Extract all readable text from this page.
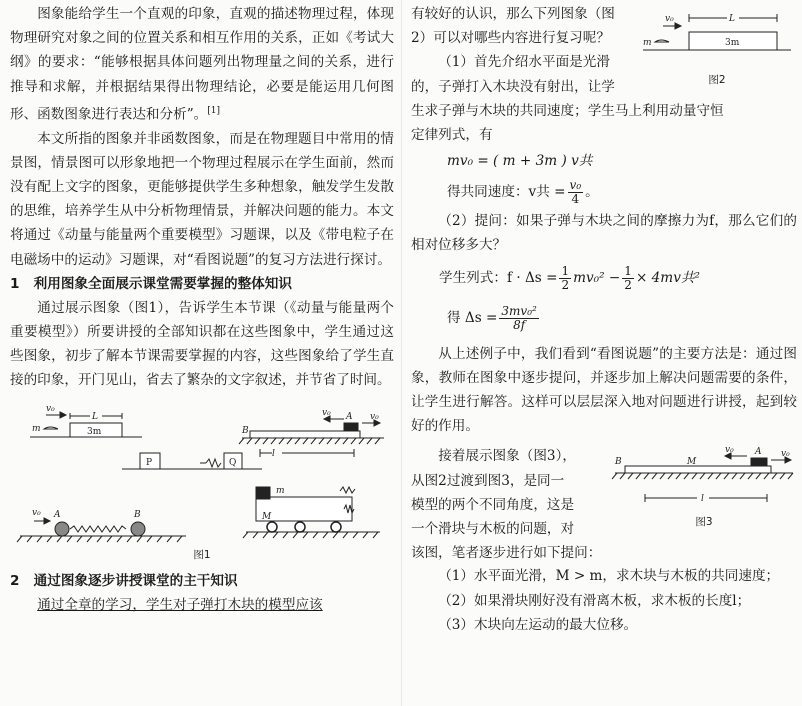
图象能给学生一个直观的印象，直观的描述物理过程，体现物理研究对象之间的位置关系和相互作用的关系，正如《考试大纲》的要求：“能够根据具体问题列出物理量之间的关系，进行推导和求解，并根据结果得出物理结论，必要是能运用几何图形、函数图象进行表达和分析”。[1]

本文所指的图象并非函数图象，而是在物理题目中常用的情景图，情景图可以形象地把一个物理过程展示在学生面前，然而没有配上文字的图象，更能够提供学生多种想象，触发学生发散的思维，培养学生从中分析物理情景，并解决问题的能力。本文将通过《动量与能量两个重要模型》习题课，以及《带电粒子在电磁场中的运动》习题课，对“看图说题”的复习方法进行探讨。

1 利用图象全面展示课堂需要掌握的整体知识

通过展示图象（图1），告诉学生本节课（《动量与能量两个重要模型》）所要讲授的全部知识都在这些图象中，学生通过这些图象，初步了解本节课需要掌握的内容，这些图象给了学生直接的印象，开门见山，省去了繁杂的文字叙述，并节省了时间。

v₀
m
L	v₀ A v₀
B
l
v₀ A	B
m
M
3m
P	Q
图1

2 通过图象逐步讲授课堂的主干知识

通过全章的学习，学生对子弹打木块的模型应该

v₀
m
L
3m
图2

有较好的认识，那么下列图象（图

2）可以对哪些内容进行复习呢？

（1）首先介绍水平面是光滑

的，子弹打入木块没有射出，让学

生求子弹与木块的共同速度；学生马上利用动量守恒

定律列式，有

mv₀ = ( m + 3m ) v共

得共同速度：v共 = $\frac{\text{v₀}}{4}$ 。

（2）提问：如果子弹与木块之间的摩擦力为f，那么它们的相对位移多大？

学生列式：$f \cdot \Delta s = \frac{1}{2} mv_0^2 - \frac{1}{2} \times 4mv$共²

得 $\Delta s = \frac{\text{3mv₀²}}{8f}$

从上述例子中，我们看到“看图说题”的主要方法是：通过图象，教师在图象中逐步提问，并逐步加上解决问题需要的条件，让学生进行解答。这样可以层层深入地对问题进行讲授，起到较好的作用。

接着展示图象（图3），

从图2过渡到图3，是同一

模型的两个不同角度，这是

一个滑块与木板的问题，对

该图，笔者逐步进行如下提问：

v₀ A v₀
B	M
l
图3

（1）水平面光滑，M > m，求木块与木板的共同速度；

（2）如果滑块刚好没有滑离木板，求木板的长度l；

（3）木块向左运动的最大位移。
